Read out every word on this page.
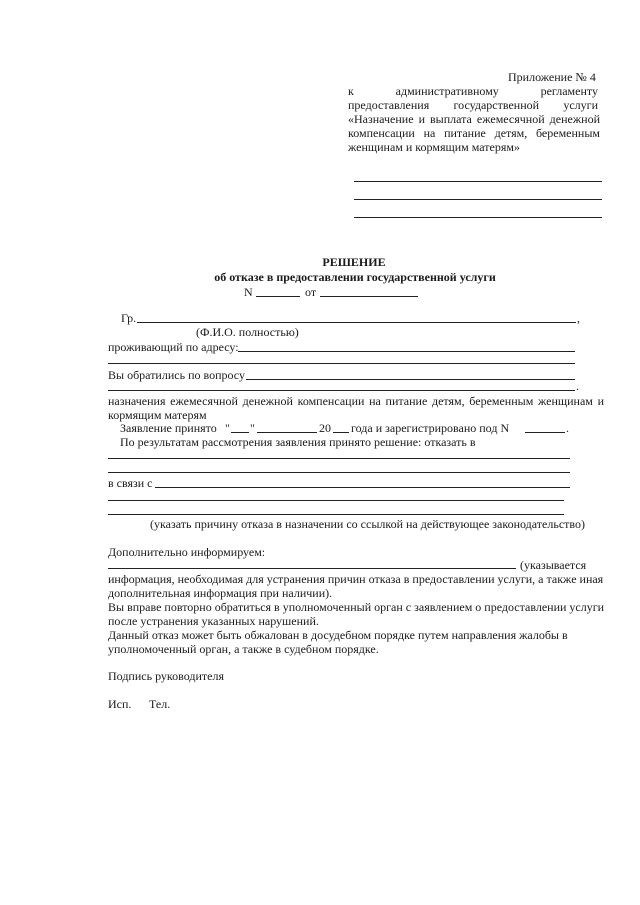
Приложение № 4
к	административному	регламенту
предоставления государственной услуги
«Назначение и выплата ежемесячной денежной
компенсации на питание детям, беременным
женщинам и кормящим матерям»
РЕШЕНИЕ
об отказе в предоставлении государственной услуги
N	от
Гр.	,
(Ф.И.О. полностью)
проживающий по адресу:
Вы обратились по вопросу
.
назначения ежемесячной денежной компенсации на питание детям, беременным женщинам и
кормящим матерям
Заявление принято " "	20 года и зарегистрировано под N	.
По результатам рассмотрения заявления принято решение: отказать в
в связи с
(указать причину отказа в назначении со ссылкой на действующее законодательство)
Дополнительно информируем:
(указывается
информация, необходимая для устранения причин отказа в предоставлении услуги, а также иная
дополнительная информация при наличии).
Вы вправе повторно обратиться в уполномоченный орган с заявлением о предоставлении услуги
после устранения указанных нарушений.
Данный отказ может быть обжалован в досудебном порядке путем направления жалобы в
уполномоченный орган, а также в судебном порядке.
Подпись руководителя
Исп. Тел.
